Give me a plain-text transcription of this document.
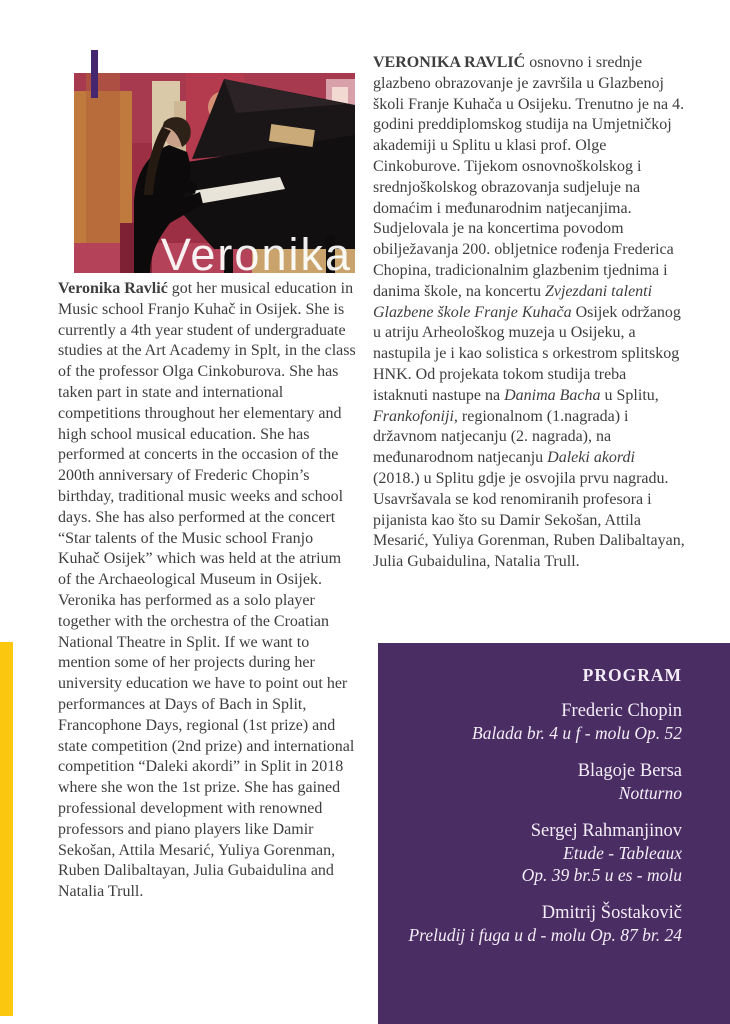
Veronika
Veronika Ravlić got her musical education in Music school Franjo Kuhač in Osijek. She is currently a 4th year student of undergraduate studies at the Art Academy in Splt, in the class of the professor Olga Cinkoburova. She has taken part in state and international competitions throughout her elementary and high school musical education. She has performed at concerts in the occasion of the 200th anniversary of Frederic Chopin’s birthday, traditional music weeks and school days. She has also performed at the concert “Star talents of the Music school Franjo Kuhač Osijek” which was held at the atrium of the Archaeological Museum in Osijek. Veronika has performed as a solo player together with the orchestra of the Croatian National Theatre in Split. If we want to mention some of her projects during her university education we have to point out her performances at Days of Bach in Split, Francophone Days, regional (1st prize) and state competition (2nd prize) and international competition “Daleki akordi” in Split in 2018 where she won the 1st prize. She has gained professional development with renowned professors and piano players like Damir Sekošan, Attila Mesarić, Yuliya Gorenman, Ruben Dalibaltayan, Julia Gubaidulina and Natalia Trull.
VERONIKA RAVLIĆ osnovno i srednje glazbeno obrazovanje je završila u Glazbenoj školi Franje Kuhača u Osijeku. Trenutno je na 4. godini preddiplomskog studija na Umjetničkoj akademiji u Splitu u klasi prof. Olge Cinkoburove. Tijekom osnovnoškolskog i srednjoškolskog obrazovanja sudjeluje na domaćim i međunarodnim natjecanjima. Sudjelovala je na koncertima povodom obilježavanja 200. obljetnice rođenja Frederica Chopina, tradicionalnim glazbenim tjednima i danima škole, na koncertu Zvjezdani talenti Glazbene škole Franje Kuhača Osijek održanog u atriju Arheološkog muzeja u Osijeku, a nastupila je i kao solistica s orkestrom splitskog HNK. Od projekata tokom studija treba istaknuti nastupe na Danima Bacha u Splitu, Frankofoniji, regionalnom (1.nagrada) i državnom natjecanju (2. nagrada), na međunarodnom natjecanju Daleki akordi (2018.) u Splitu gdje je osvojila prvu nagradu. Usavršavala se kod renomiranih profesora i pijanista kao što su Damir Sekošan, Attila Mesarić, Yuliya Gorenman, Ruben Dalibaltayan, Julia Gubaidulina, Natalia Trull.
PROGRAM
Frederic Chopin
Balada br. 4 u f - molu Op. 52
Blagoje Bersa
Notturno
Sergej Rahmanjinov
Etude - Tableaux
Op. 39 br.5 u es - molu
Dmitrij Šostakovič
Preludij i fuga u d - molu Op. 87 br. 24
